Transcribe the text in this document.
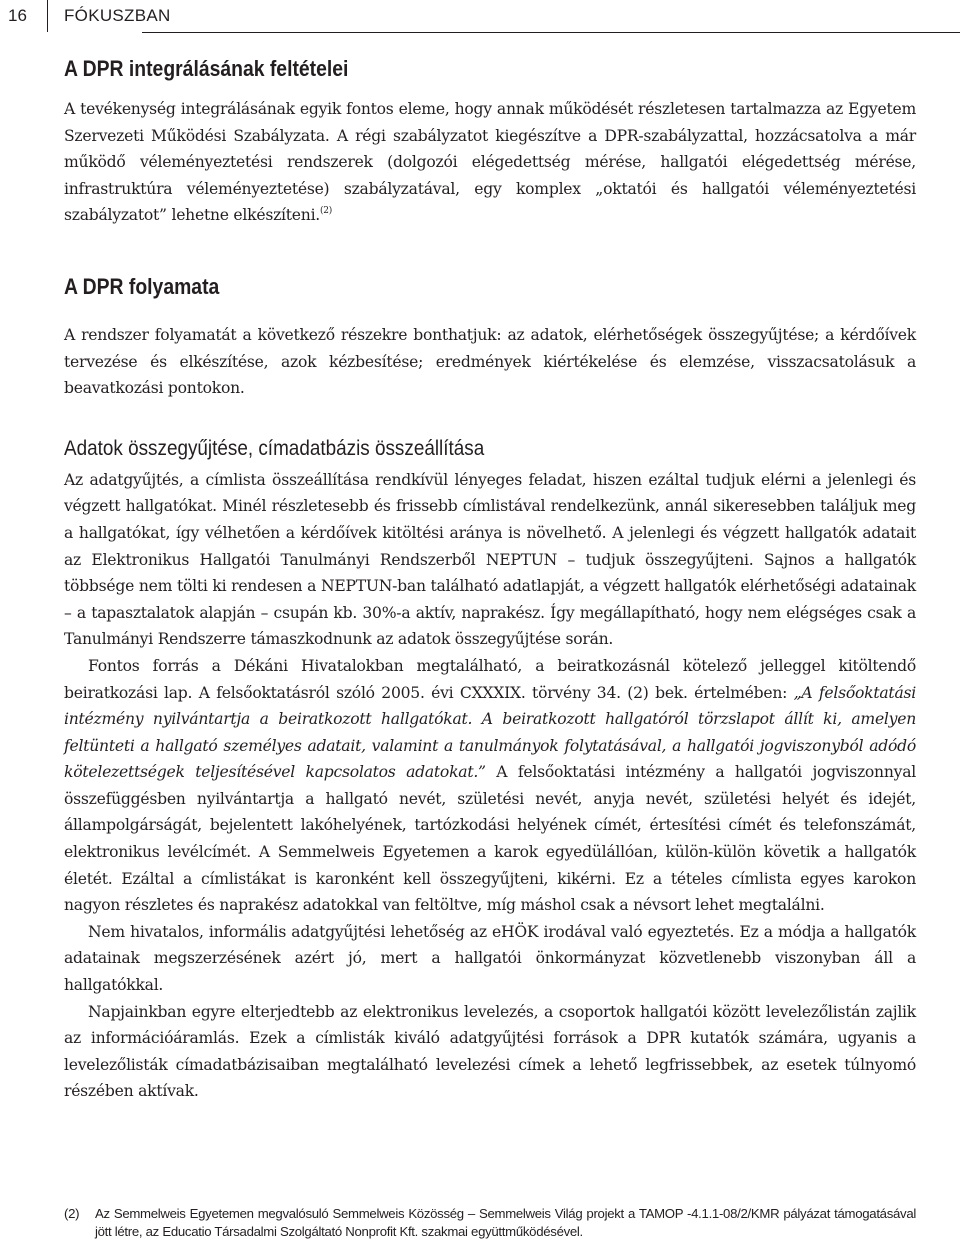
16 FÓKUSZBAN
A DPR integrálásának feltételei

A tevékenység integrálásának egyik fontos eleme, hogy annak működését részletesen tartalmazza az Egyetem Szervezeti Működési Szabályzata. A régi szabályzatot kiegészítve a DPR-szabályzattal, hozzácsatolva a már működő véleményeztetési rendszerek (dolgozói elégedettség mérése, hallgatói elégedettség mérése, infrastruktúra véleményeztetése) szabályzatával, egy komplex „oktatói és hallgatói véleményeztetési szabályzatot” lehetne elkészíteni.$^{(2)}$

A DPR folyamata

A rendszer folyamatát a következő részekre bonthatjuk: az adatok, elérhetőségek összegyűjtése; a kérdőívek tervezése és elkészítése, azok kézbesítése; eredmények kiértékelése és elemzése, visszacsatolásuk a beavatkozási pontokon.

Adatok összegyűjtése, címadatbázis összeállítása

Az adatgyűjtés, a címlista összeállítása rendkívül lényeges feladat, hiszen ezáltal tudjuk elérni a jelenlegi és végzett hallgatókat. Minél részletesebb és frissebb címlistával rendelkezünk, annál sikeresebben találjuk meg a hallgatókat, így vélhetően a kérdőívek kitöltési aránya is növelhető. A jelenlegi és végzett hallgatók adatait az Elektronikus Hallgatói Tanulmányi Rendszerből NEPTUN – tudjuk összegyűjteni. Sajnos a hallgatók többsége nem tölti ki rendesen a NEPTUN-ban található adatlapját, a végzett hallgatók elérhetőségi adatainak – a tapasztalatok alapján – csupán kb. 30%-a aktív, naprakész. Így megállapítható, hogy nem elégséges csak a Tanulmányi Rendszerre támaszkodnunk az adatok összegyűjtése során.

Fontos forrás a Dékáni Hivatalokban megtalálható, a beiratkozásnál kötelező jelleggel kitöltendő beiratkozási lap. A felsőoktatásról szóló 2005. évi CXXXIX. törvény 34. (2) bek. értelmében: „A felsőoktatási intézmény nyilvántartja a beiratkozott hallgatókat. A beiratkozott hallgatóról törzslapot állít ki, amelyen feltünteti a hallgató személyes adatait, valamint a tanulmányok folytatásával, a hallgatói jogviszonyból adódó kötelezettségek teljesítésével kapcsolatos adatokat.” A felsőoktatási intézmény a hallgatói jogviszonnyal összefüggésben nyilvántartja a hallgató nevét, születési nevét, anyja nevét, születési helyét és idejét, állampolgárságát, bejelentett lakóhelyének, tartózkodási helyének címét, értesítési címét és telefonszámát, elektronikus levélcímét. A Semmelweis Egyetemen a karok egyedülállóan, külön-külön követik a hallgatók életét. Ezáltal a címlistákat is karonként kell összegyűjteni, kikérni. Ez a tételes címlista egyes karokon nagyon részletes és naprakész adatokkal van feltöltve, míg máshol csak a névsort lehet megtalálni.

Nem hivatalos, informális adatgyűjtési lehetőség az eHÖK irodával való egyeztetés. Ez a módja a hallgatók adatainak megszerzésének azért jó, mert a hallgatói önkormányzat közvetlenebb viszonyban áll a hallgatókkal.

Napjainkban egyre elterjedtebb az elektronikus levelezés, a csoportok hallgatói között levelezőlistán zajlik az információáramlás. Ezek a címlisták kiváló adatgyűjtési források a DPR kutatók számára, ugyanis a levelezőlisták címadatbázisaiban megtalálható levelezési címek a lehető legfrissebbek, az esetek túlnyomó részében aktívak.

(2) Az Semmelweis Egyetemen megvalósuló Semmelweis Közösség – Semmelweis Világ projekt a TAMOP -4.1.1-08/2/KMR pályázat támogatásával jött létre, az Educatio Társadalmi Szolgáltató Nonprofit Kft. szakmai együttműködésével.
